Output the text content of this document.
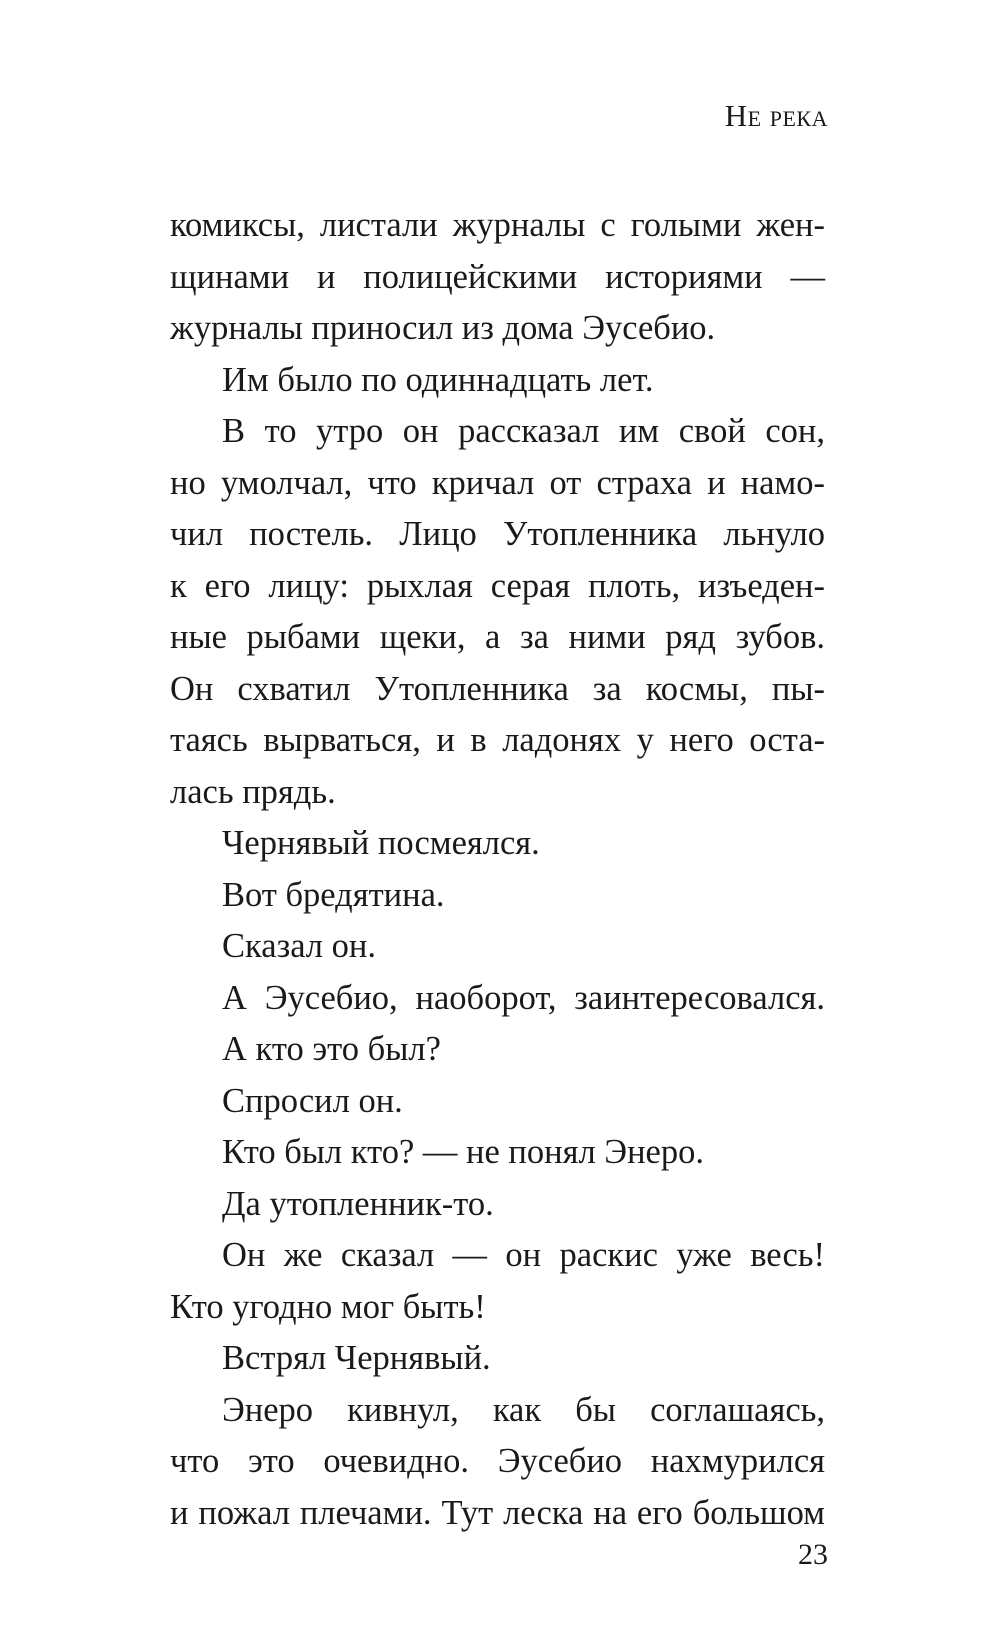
Не река
комиксы, листали журналы с голыми жен-
щинами и полицейскими историями —
журналы приносил из дома Эусебио.
Им было по одиннадцать лет.
В то утро он рассказал им свой сон,
но умолчал, что кричал от страха и намо-
чил постель. Лицо Утопленника льнуло
к его лицу: рыхлая серая плоть, изъеден-
ные рыбами щеки, а за ними ряд зубов.
Он схватил Утопленника за космы, пы-
таясь вырваться, и в ладонях у него оста-
лась прядь.
Чернявый посмеялся.
Вот бредятина.
Сказал он.
А Эусебио, наоборот, заинтересовался.
А кто это был?
Спросил он.
Кто был кто? — не понял Энеро.
Да утопленник-то.
Он же сказал — он раскис уже весь!
Кто угодно мог быть!
Встрял Чернявый.
Энеро кивнул, как бы соглашаясь,
что это очевидно. Эусебио нахмурился
и пожал плечами. Тут леска на его большом
23
